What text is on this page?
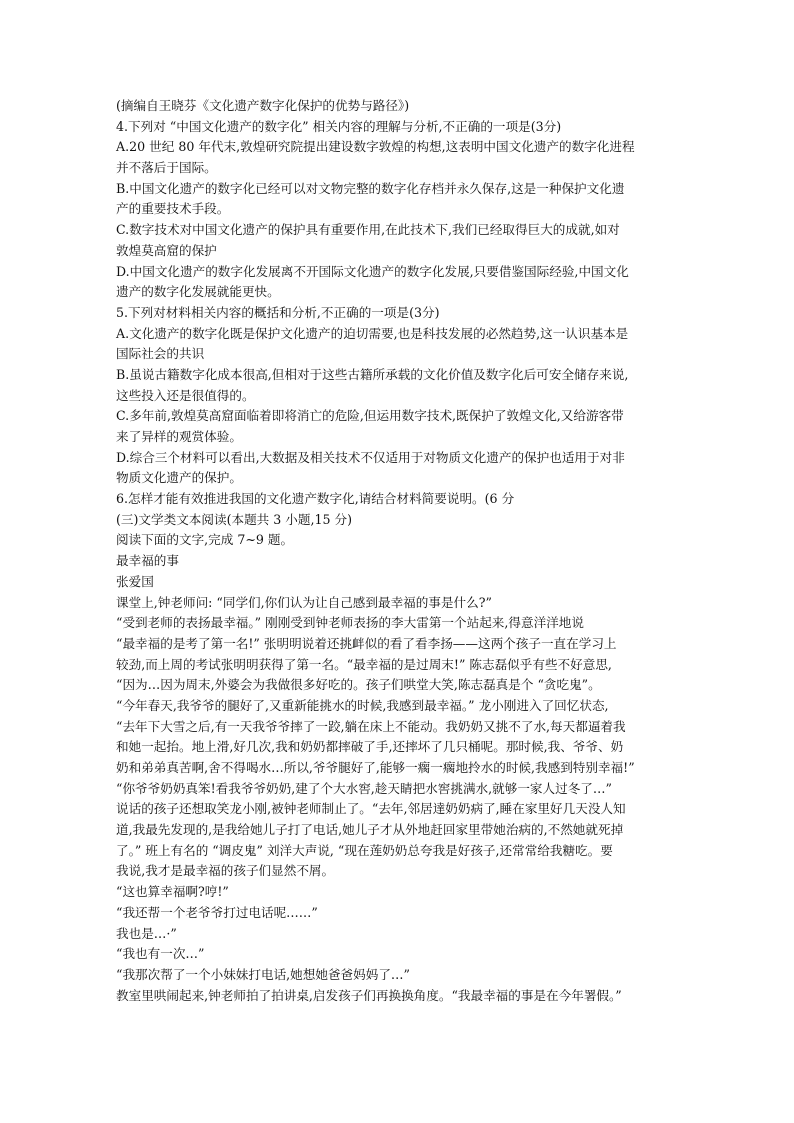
(摘编自王晓芬《文化遗产数字化保护的优势与路径》)
4.下列对 “中国文化遗产的数字化” 相关内容的理解与分析,不正确的一项是(3分)
A.20 世纪 80 年代末,敦煌研究院提出建设数字敦煌的构想,这表明中国文化遗产的数字化进程
并不落后于国际。
B.中国文化遗产的数字化已经可以对文物完整的数字化存档并永久保存,这是一种保护文化遗
产的重要技术手段。
C.数字技术对中国文化遗产的保护具有重要作用,在此技术下,我们已经取得巨大的成就,如对
敦煌莫高窟的保护
D.中国文化遗产的数字化发展离不开国际文化遗产的数字化发展,只要借鉴国际经验,中国文化
遗产的数字化发展就能更快。
5.下列对材料相关内容的概括和分析,不正确的一项是(3分)
A.文化遗产的数字化既是保护文化遗产的迫切需要,也是科技发展的必然趋势,这一认识基本是
国际社会的共识
B.虽说古籍数字化成本很高,但相对于这些古籍所承载的文化价值及数字化后可安全储存来说,
这些投入还是很值得的。
C.多年前,敦煌莫高窟面临着即将消亡的危险,但运用数字技术,既保护了敦煌文化,又给游客带
来了异样的观赏体验。
D.综合三个材料可以看出,大数据及相关技术不仅适用于对物质文化遗产的保护也适用于对非
物质文化遗产的保护。
6.怎样才能有效推进我国的文化遗产数字化,请结合材料简要说明。(6 分
(三)文学类文本阅读(本题共 3 小题,15 分)
阅读下面的文字,完成 7~9 题。
最幸福的事
张爱国
课堂上,钟老师问: “同学们,你们认为让自己感到最幸福的事是什么?”
“受到老师的表扬最幸福。” 刚刚受到钟老师表扬的李大雷第一个站起来,得意洋洋地说
“最幸福的是考了第一名!” 张明明说着还挑衅似的看了看李扬——这两个孩子一直在学习上
较劲,而上周的考试张明明获得了第一名。“最幸福的是过周末!” 陈志磊似乎有些不好意思,
“因为…因为周末,外婆会为我做很多好吃的。孩子们哄堂大笑,陈志磊真是个 “贪吃鬼”。
“今年春天,我爷爷的腿好了,又重新能挑水的时候,我感到最幸福。” 龙小刚进入了回忆状态,
“去年下大雪之后,有一天我爷爷摔了一跤,躺在床上不能动。我奶奶又挑不了水,每天都逼着我
和她一起抬。地上滑,好几次,我和奶奶都摔破了手,还摔坏了几只桶呢。那时候,我、爷爷、奶
奶和弟弟真苦啊,舍不得喝水…所以,爷爷腿好了,能够一瘸一瘸地拎水的时候,我感到特别幸福!”
“你爷爷奶奶真笨!看我爷爷奶奶,建了个大水窖,趁天睛把水窖挑满水,就够一家人过冬了…”
说话的孩子还想取笑龙小刚,被钟老师制止了。“去年,邻居達奶奶病了,睡在家里好几天没人知
道,我最先发现的,是我给她儿子打了电话,她儿子才从外地赶回家里带她治病的,不然她就死掉
了。” 班上有名的 “调皮鬼” 刘洋大声说, “现在莲奶奶总夸我是好孩子,还常常给我糖吃。要
我说,我才是最幸福的孩子们显然不屑。
“这也算幸福啊?哼!”
“我还帮一个老爷爷打过电话呢……”
我也是…·”
“我也有一次…”
“我那次帮了一个小妹妹打电话,她想她爸爸妈妈了…”
教室里哄闹起来,钟老师拍了拍讲桌,启发孩子们再换换角度。“我最幸福的事是在今年署假。”
